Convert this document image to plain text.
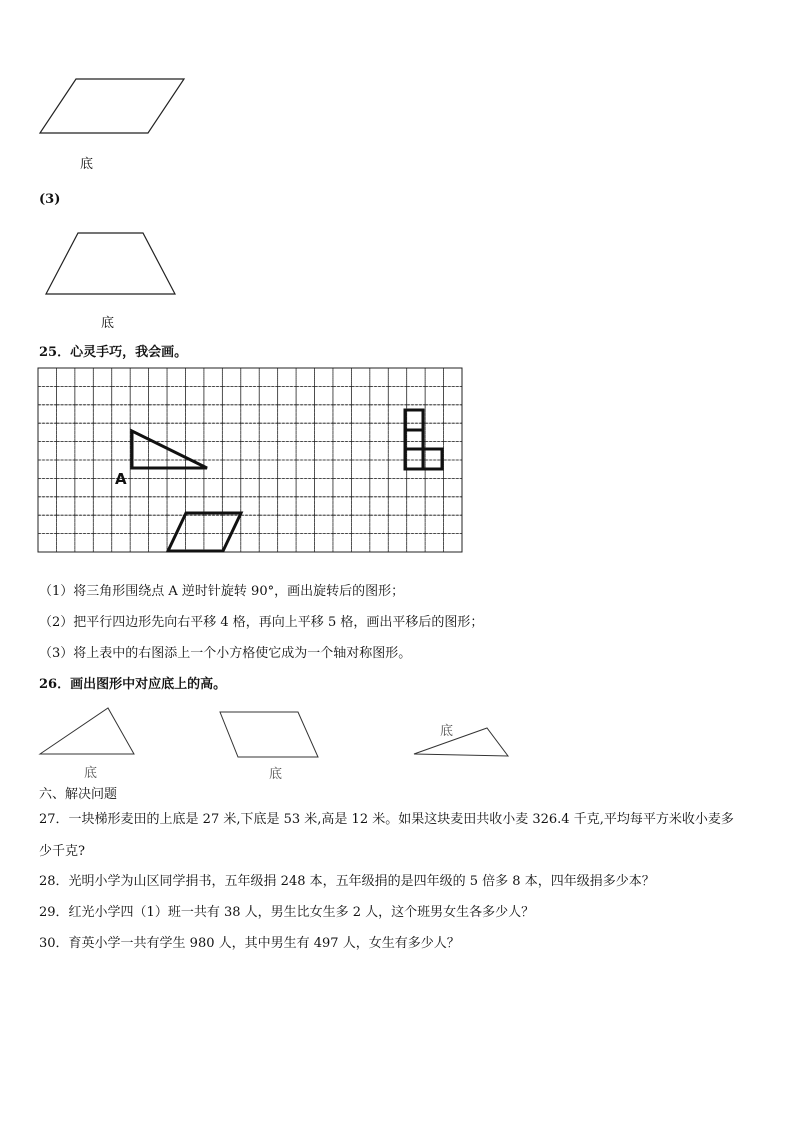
底
(3)
底
25．心灵手巧，我会画。
A
（1）将三角形围绕点 A 逆时针旋转 90°，画出旋转后的图形；
（2）把平行四边形先向右平移 4 格，再向上平移 5 格，画出平移后的图形；
（3）将上表中的右图添上一个小方格使它成为一个轴对称图形。
26．画出图形中对应底上的高。
底	底
底
六、解决问题
27．一块梯形麦田的上底是 27 米,下底是 53 米,高是 12 米。如果这块麦田共收小麦 326.4 千克,平均每平方米收小麦多
少千克?
28．光明小学为山区同学捐书，五年级捐 248 本，五年级捐的是四年级的 5 倍多 8 本，四年级捐多少本？
29．红光小学四（1）班一共有 38 人，男生比女生多 2 人，这个班男女生各多少人？
30．育英小学一共有学生 980 人，其中男生有 497 人，女生有多少人？
